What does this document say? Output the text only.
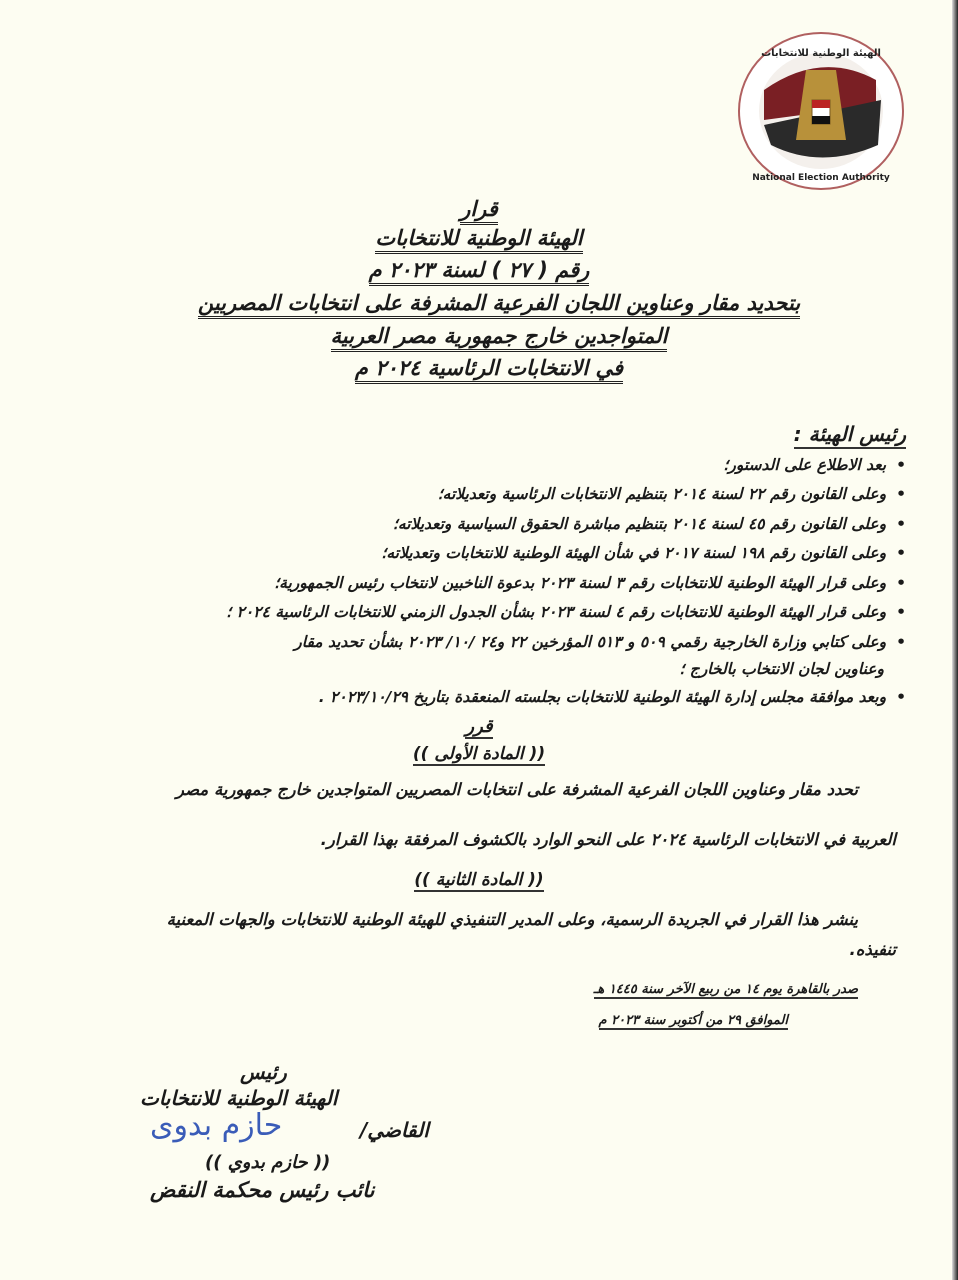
الهيئة الوطنية للانتخابات
National Election Authority
قرار
الهيئة الوطنية للانتخابات
رقم ( ٢٧ ) لسنة ٢٠٢٣ م
بتحديد مقار وعناوين اللجان الفرعية المشرفة على انتخابات المصريين
المتواجدين خارج جمهورية مصر العربية
في الانتخابات الرئاسية ٢٠٢٤ م
رئيس الهيئة :
• بعد الاطلاع على الدستور؛
• وعلى القانون رقم ٢٢ لسنة ٢٠١٤ بتنظيم الانتخابات الرئاسية وتعديلاته؛
• وعلى القانون رقم ٤٥ لسنة ٢٠١٤ بتنظيم مباشرة الحقوق السياسية وتعديلاته؛
• وعلى القانون رقم ١٩٨ لسنة ٢٠١٧ في شأن الهيئة الوطنية للانتخابات وتعديلاته؛
• وعلى قرار الهيئة الوطنية للانتخابات رقم ٣ لسنة ٢٠٢٣ بدعوة الناخبين لانتخاب رئيس الجمهورية؛
• وعلى قرار الهيئة الوطنية للانتخابات رقم ٤ لسنة ٢٠٢٣ بشأن الجدول الزمني للانتخابات الرئاسية ٢٠٢٤ ؛
• وعلى كتابي وزارة الخارجية رقمي ٥٠٩ و ٥١٣ المؤرخين ٢٢ و٢٤ /١٠/ ٢٠٢٣ بشأن تحديد مقار
وعناوين لجان الانتخاب بالخارج ؛
• وبعد موافقة مجلس إدارة الهيئة الوطنية للانتخابات بجلسته المنعقدة بتاريخ ٢٠٢٣/١٠/٢٩ .
قرر
(( المادة الأولى ))
تحدد مقار وعناوين اللجان الفرعية المشرفة على انتخابات المصريين المتواجدين خارج جمهورية مصر
العربية في الانتخابات الرئاسية ٢٠٢٤ على النحو الوارد بالكشوف المرفقة بهذا القرار.
(( المادة الثانية ))
ينشر هذا القرار في الجريدة الرسمية، وعلى المدير التنفيذي للهيئة الوطنية للانتخابات والجهات المعنية
تنفيذه.
صدر بالقاهرة يوم ١٤ من ربيع الآخر سنة ١٤٤٥ هـ
الموافق ٢٩ من أكتوبر سنة ٢٠٢٣ م
رئيس
الهيئة الوطنية للانتخابات
القاضي/
حازم بدوى
(( حازم بدوي ))
نائب رئيس محكمة النقض
